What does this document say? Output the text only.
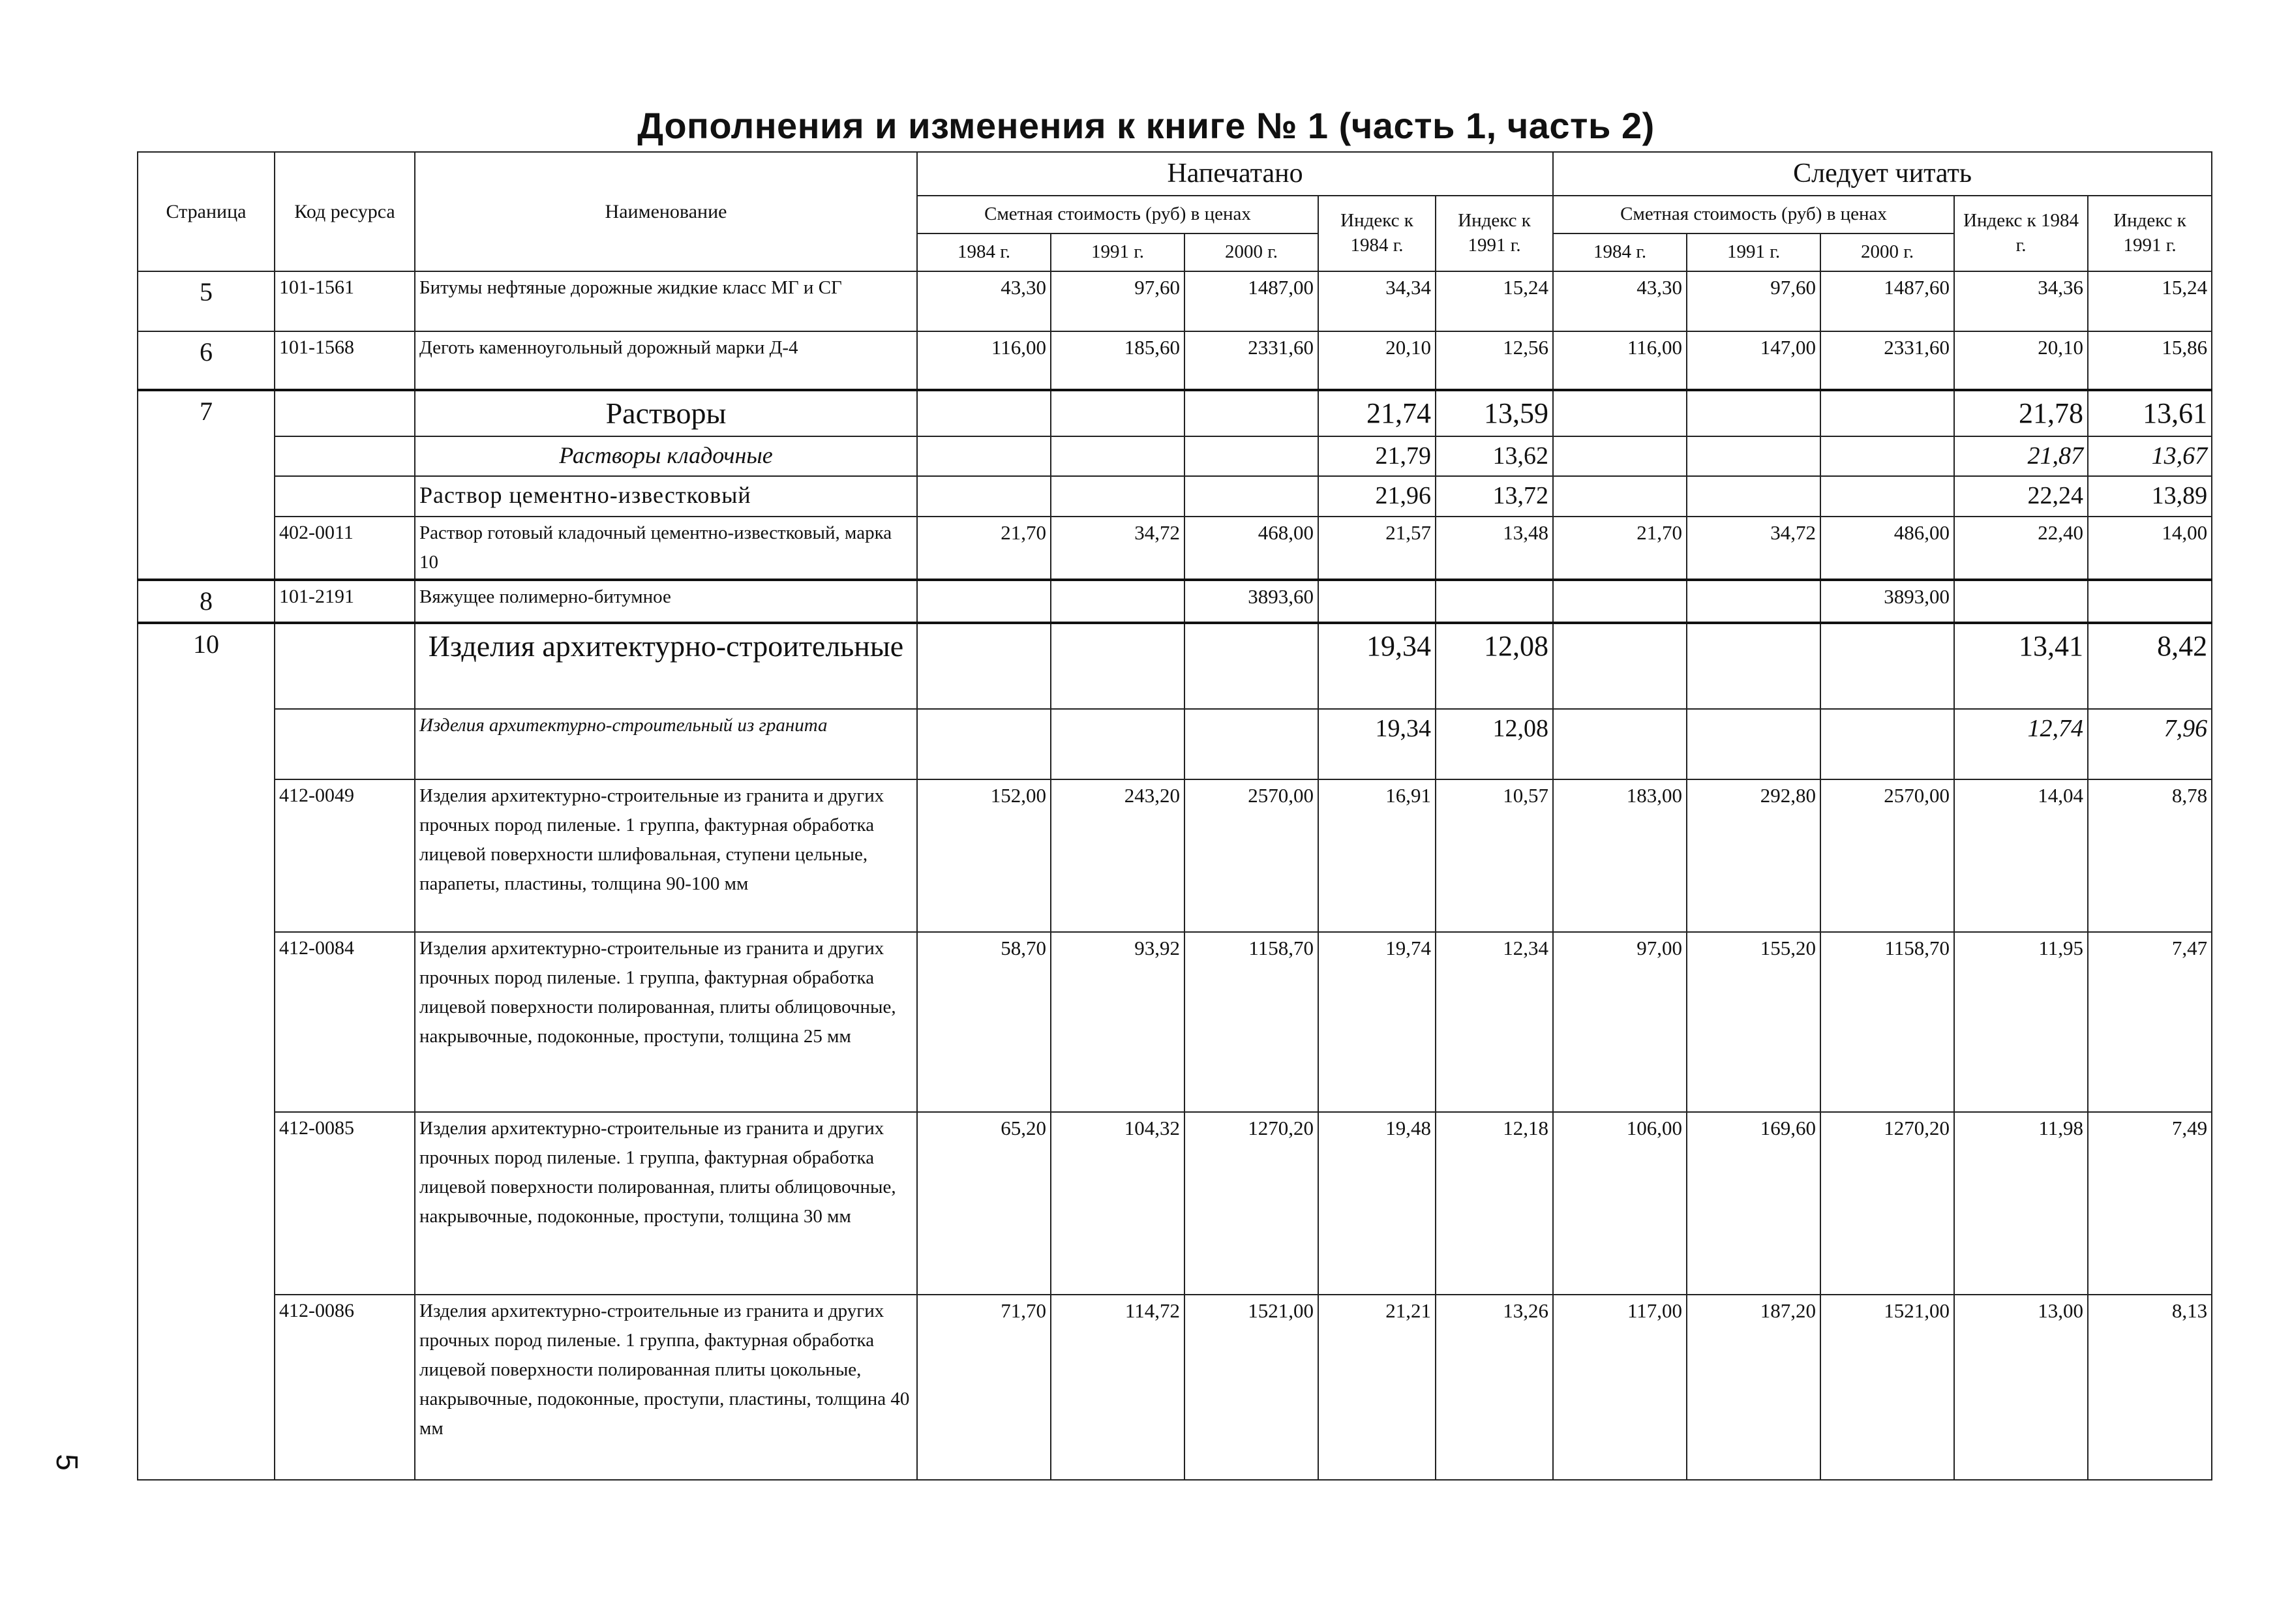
Дополнения и изменения к книге № 1 (часть 1, часть 2)
Страница	Код ресурса	Наименование	Напечатано					Следует читать				
			Сметная стоимость (руб) в ценах			Индекс к 1984 г.	Индекс к 1991 г.	Сметная стоимость (руб) в ценах			Индекс к 1984 г.	Индекс к 1991 г.
			1984 г.	1991 г.	2000 г.			1984 г.	1991 г.	2000 г.		
5	101-1561	Битумы нефтяные дорожные жидкие класс МГ и СГ	43,30	97,60	1487,00	34,34	15,24	43,30	97,60	1487,60	34,36	15,24
6	101-1568	Деготь каменноугольный дорожный марки Д-4	116,00	185,60	2331,60	20,10	12,56	116,00	147,00	2331,60	20,10	15,86
7		Растворы				21,74	13,59				21,78	13,61
		Растворы кладочные				21,79	13,62				21,87	13,67
		Раствор цементно-известковый				21,96	13,72				22,24	13,89
	402-0011	Раствор готовый кладочный цементно-известковый, марка 10	21,70	34,72	468,00	21,57	13,48	21,70	34,72	486,00	22,40	14,00
8	101-2191	Вяжущее полимерно-битумное			3893,60					3893,00		
10		Изделия архитектурно-строительные				19,34	12,08				13,41	8,42
		Изделия архитектурно-строительный из гранита				19,34	12,08				12,74	7,96
	412-0049	Изделия архитектурно-строительные из гранита и других прочных пород пиленые. 1 группа, фактурная обработка лицевой поверхности шлифовальная, ступени цельные, парапеты, пластины, толщина 90-100 мм	152,00	243,20	2570,00	16,91	10,57	183,00	292,80	2570,00	14,04	8,78
	412-0084	Изделия архитектурно-строительные из гранита и других прочных пород пиленые. 1 группа, фактурная обработка лицевой поверхности полированная, плиты облицовочные, накрывочные, подоконные, проступи, толщина 25 мм	58,70	93,92	1158,70	19,74	12,34	97,00	155,20	1158,70	11,95	7,47
	412-0085	Изделия архитектурно-строительные из гранита и других прочных пород пиленые. 1 группа, фактурная обработка лицевой поверхности полированная, плиты облицовочные, накрывочные, подоконные, проступи, толщина 30 мм	65,20	104,32	1270,20	19,48	12,18	106,00	169,60	1270,20	11,98	7,49
	412-0086	Изделия архитектурно-строительные из гранита и других прочных пород пиленые. 1 группа, фактурная обработка лицевой поверхности полированная плиты цокольные, накрывочные, подоконные, проступи, пластины, толщина 40 мм	71,70	114,72	1521,00	21,21	13,26	117,00	187,20	1521,00	13,00	8,13
5
